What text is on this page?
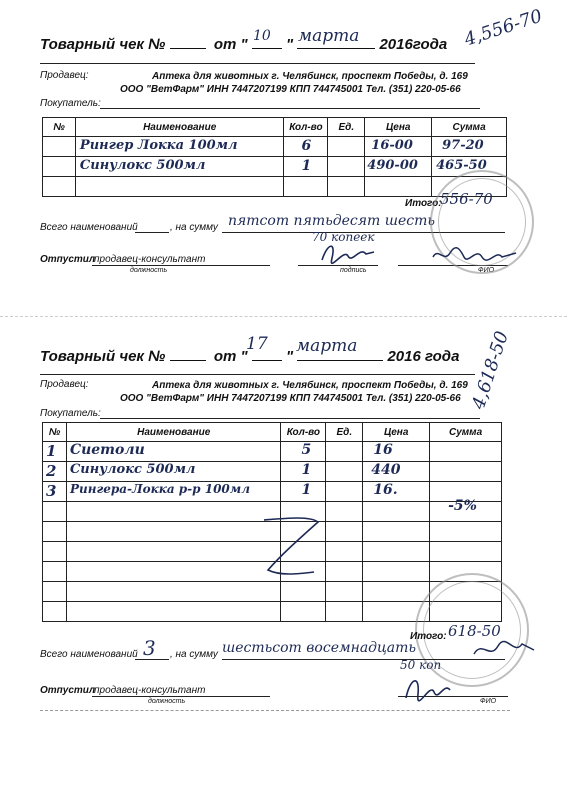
Товарный чек №	от "  "	2016года
10 марта	4,556-70
Продавец:	Аптека для животных г. Челябинск, проспект Победы, д. 169
ООО "ВетФарм" ИНН 7447207199 КПП 744745001 Тел. (351) 220-05-66
Покупатель:
№	Наименование	Кол-во	Ед.	Цена	Сумма

	Рингер Локка 100мл	6		16-00	97-20

	Синулокс 500мл	1		490-00	465-50

Итого:
556-70
Всего наименований	, на сумму пятсот пятьдесят шесть
70 копеек
Отпустил
продавец-консультант
должность	подпись	ФИО
Товарный чек №	от "  "	2016 года
17 марта	4,618-50
Продавец:	Аптека для животных г. Челябинск, проспект Победы, д. 169
ООО "ВетФарм" ИНН 7447207199 КПП 744745001 Тел. (351) 220-05-66
Покупатель:
№	Наименование	Кол-во	Ед.	Цена	Сумма

1	Сиетоли	5		16	

2	Синулокс 500мл	1		440	

3	Рингера-Локка р-р 100мл	1		16.	

					-5%

Итого: 618-50
Всего наименований 3 , на сумму шестьсот восемнадцать
50 коп
Отпустил
продавец-консультант
должность	ФИО
